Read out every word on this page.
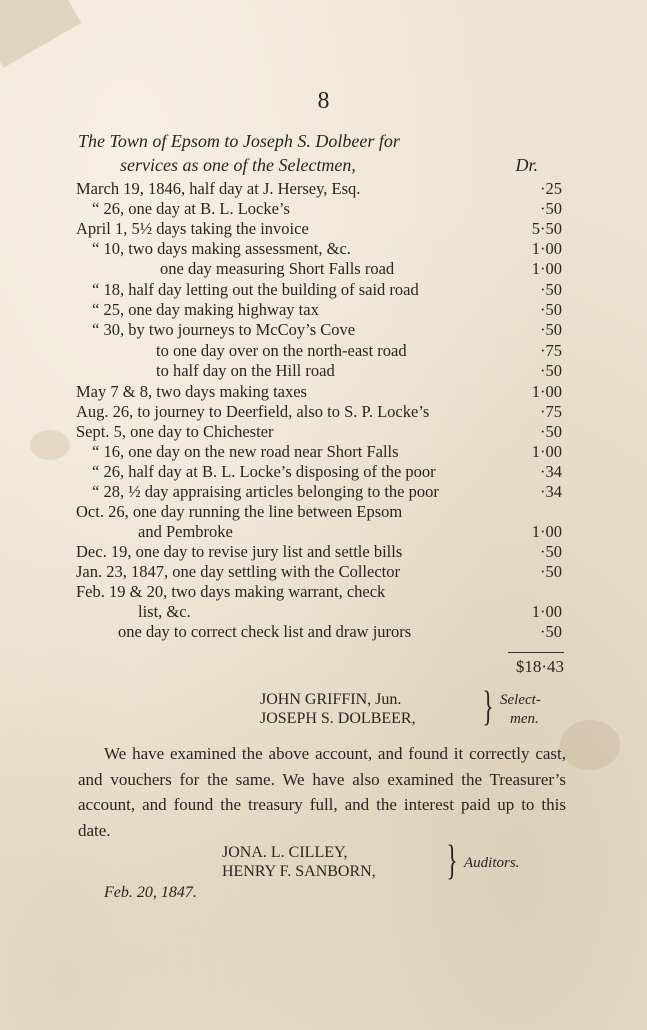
8
The Town of Epsom to Joseph S. Dolbeer for
services as one of the Selectmen,	Dr.
March 19, 1846, half day at J. Hersey, Esq.	·25
“ 26, one day at B. L. Locke’s	·50
April 1, 5½ days taking the invoice	5·50
“ 10, two days making assessment, &c.	1·00
one day measuring Short Falls road	1·00
“ 18, half day letting out the building of said road	·50
“ 25, one day making highway tax	·50
“ 30, by two journeys to McCoy’s Cove	·50
to one day over on the north-east road	·75
to half day on the Hill road	·50
May 7 & 8, two days making taxes	1·00
Aug. 26, to journey to Deerfield, also to S. P. Locke’s	·75
Sept. 5, one day to Chichester	·50
“ 16, one day on the new road near Short Falls	1·00
“ 26, half day at B. L. Locke’s disposing of the poor	·34
“ 28, ½ day appraising articles belonging to the poor	·34
Oct. 26, one day running the line between Epsom
and Pembroke	1·00
Dec. 19, one day to revise jury list and settle bills	·50
Jan. 23, 1847, one day settling with the Collector	·50
Feb. 19 & 20, two days making warrant, check
list, &c.	1·00
one day to correct check list and draw jurors	·50
$18·43
JOHN GRIFFIN, Jun.
JOSEPH S. DOLBEER, } Select-
men.
We have examined the above account, and found it correctly cast, and vouchers for the same. We have also examined the Treasurer’s account, and found the treasury full, and the interest paid up to this date.
JONA. L. CILLEY,
HENRY F. SANBORN, } Auditors.
Feb. 20, 1847.
